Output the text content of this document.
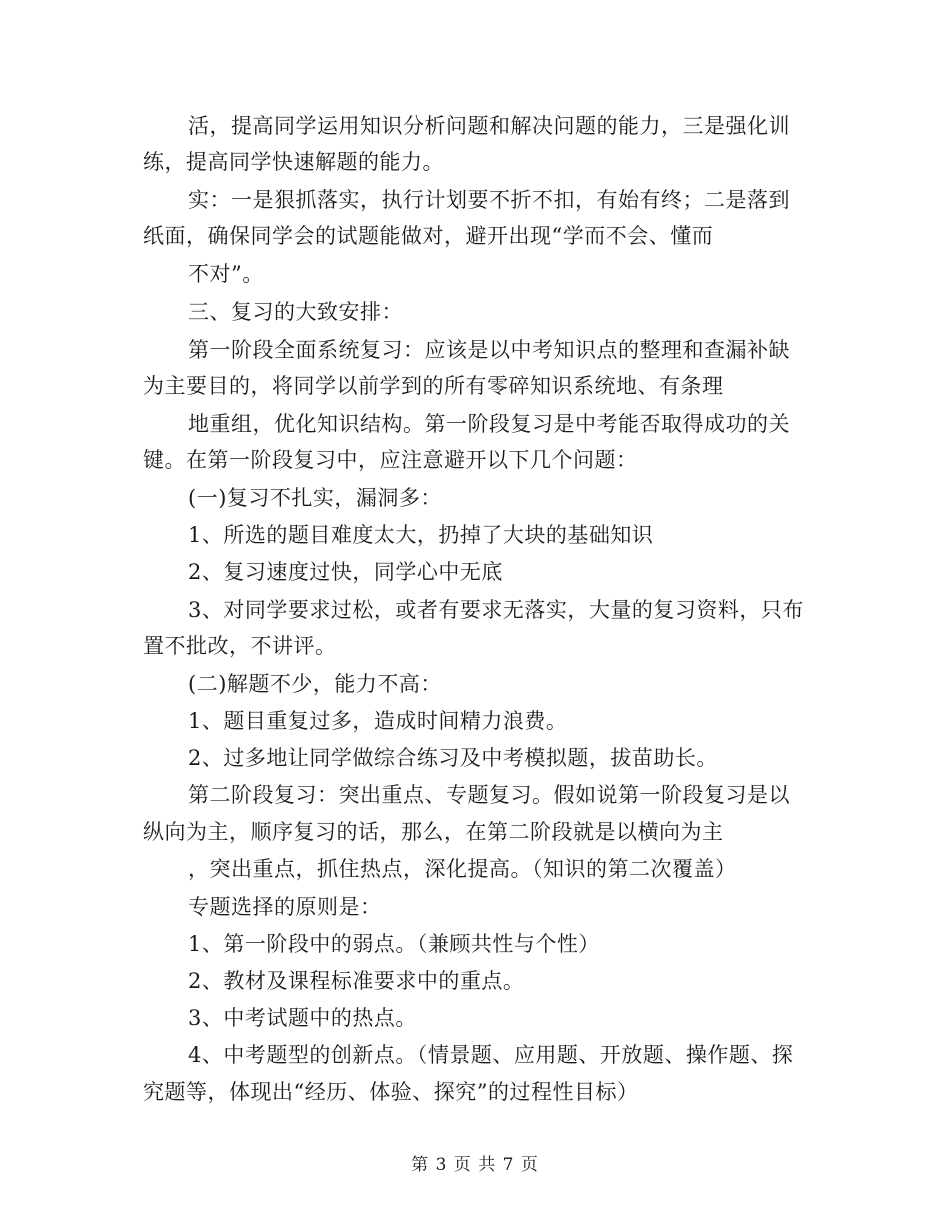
活，提高同学运用知识分析问题和解决问题的能力，三是强化训
练，提高同学快速解题的能力。
实：一是狠抓落实，执行计划要不折不扣，有始有终；二是落到
纸面，确保同学会的试题能做对，避开出现“学而不会、懂而
不对”。
三、复习的大致安排：
第一阶段全面系统复习：应该是以中考知识点的整理和查漏补缺
为主要目的，将同学以前学到的所有零碎知识系统地、有条理
地重组，优化知识结构。第一阶段复习是中考能否取得成功的关
键。在第一阶段复习中，应注意避开以下几个问题：
(一)复习不扎实，漏洞多：
1、所选的题目难度太大，扔掉了大块的基础知识
2、复习速度过快，同学心中无底
3、对同学要求过松，或者有要求无落实，大量的复习资料，只布
置不批改，不讲评。
(二)解题不少，能力不高：
1、题目重复过多，造成时间精力浪费。
2、过多地让同学做综合练习及中考模拟题，拔苗助长。
第二阶段复习：突出重点、专题复习。假如说第一阶段复习是以
纵向为主，顺序复习的话，那么，在第二阶段就是以横向为主
，突出重点，抓住热点，深化提高。（知识的第二次覆盖）
专题选择的原则是：
1、第一阶段中的弱点。（兼顾共性与个性）
2、教材及课程标准要求中的重点。
3、中考试题中的热点。
4、中考题型的创新点。（情景题、应用题、开放题、操作题、探
究题等，体现出“经历、体验、探究”的过程性目标）
第 3 页 共 7 页
